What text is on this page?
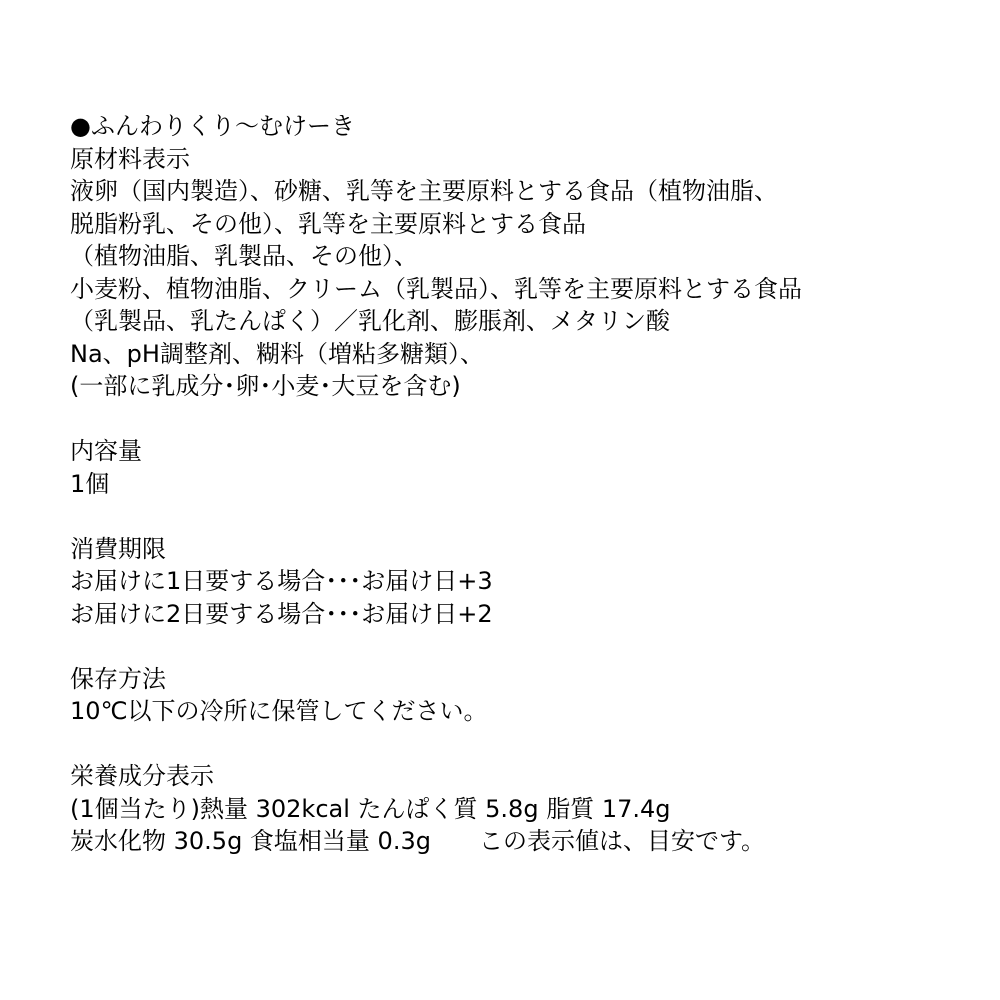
●ふんわりくり～むけーき
原材料表示
液卵（国内製造）、砂糖、乳等を主要原料とする食品（植物油脂、
脱脂粉乳、その他）、乳等を主要原料とする食品
（植物油脂、乳製品、その他）、
小麦粉、植物油脂、クリーム（乳製品）、乳等を主要原料とする食品
（乳製品、乳たんぱく）／乳化剤、膨脹剤、メタリン酸
Na、pH調整剤、糊料（増粘多糖類）、
(一部に乳成分･卵･小麦･大豆を含む)
内容量
1個
消費期限
お届けに1日要する場合･･･お届け日+3
お届けに2日要する場合･･･お届け日+2
保存方法
10℃以下の冷所に保管してください。
栄養成分表示
(1個当たり)熱量 302kcal たんぱく質 5.8g 脂質 17.4g
炭水化物 30.5g 食塩相当量 0.3g　　この表示値は、目安です。
